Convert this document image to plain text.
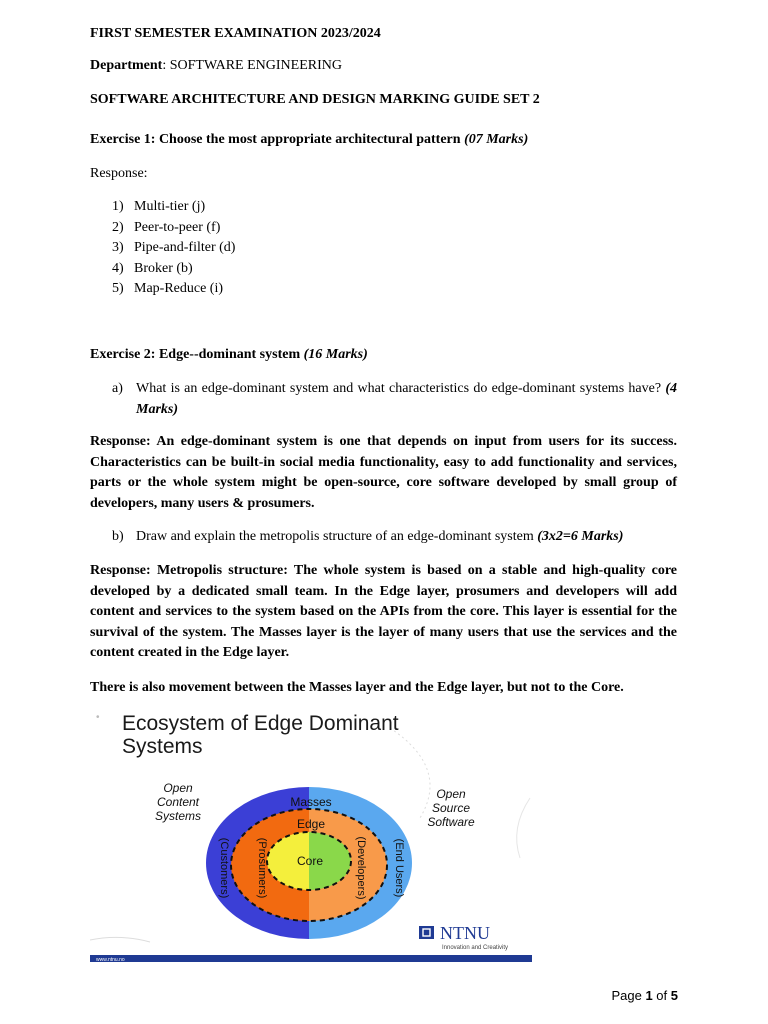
FIRST SEMESTER EXAMINATION 2023/2024
Department: SOFTWARE ENGINEERING
SOFTWARE ARCHITECTURE AND DESIGN MARKING GUIDE SET 2
Exercise 1: Choose the most appropriate architectural pattern (07 Marks)
Response:
1) Multi-tier (j)
2) Peer-to-peer (f)
3) Pipe-and-filter (d)
4) Broker (b)
5) Map-Reduce (i)
Exercise 2: Edge--dominant system (16 Marks)
a) What is an edge-dominant system and what characteristics do edge-dominant systems have? (4 Marks)
Response: An edge-dominant system is one that depends on input from users for its success. Characteristics can be built-in social media functionality, easy to add functionality and services, parts or the whole system might be open-source, core software developed by small group of developers, many users & prosumers.
b) Draw and explain the metropolis structure of an edge-dominant system (3x2=6 Marks)
Response: Metropolis structure: The whole system is based on a stable and high-quality core developed by a dedicated small team. In the Edge layer, prosumers and developers will add content and services to the system based on the APIs from the core. This layer is essential for the survival of the system. The Masses layer is the layer of many users that use the services and the content created in the Edge layer.
There is also movement between the Masses layer and the Edge layer, but not to the Core.
• Ecosystem of Edge Dominant
Systems
Open
Content
Systems
Open
Source
Software
Masses
Edge
Core
(Customers) (Prosumers)	(Developers) (End Users)
NTNU
Innovation and Creativity
www.ntnu.no
Page 1 of 5
